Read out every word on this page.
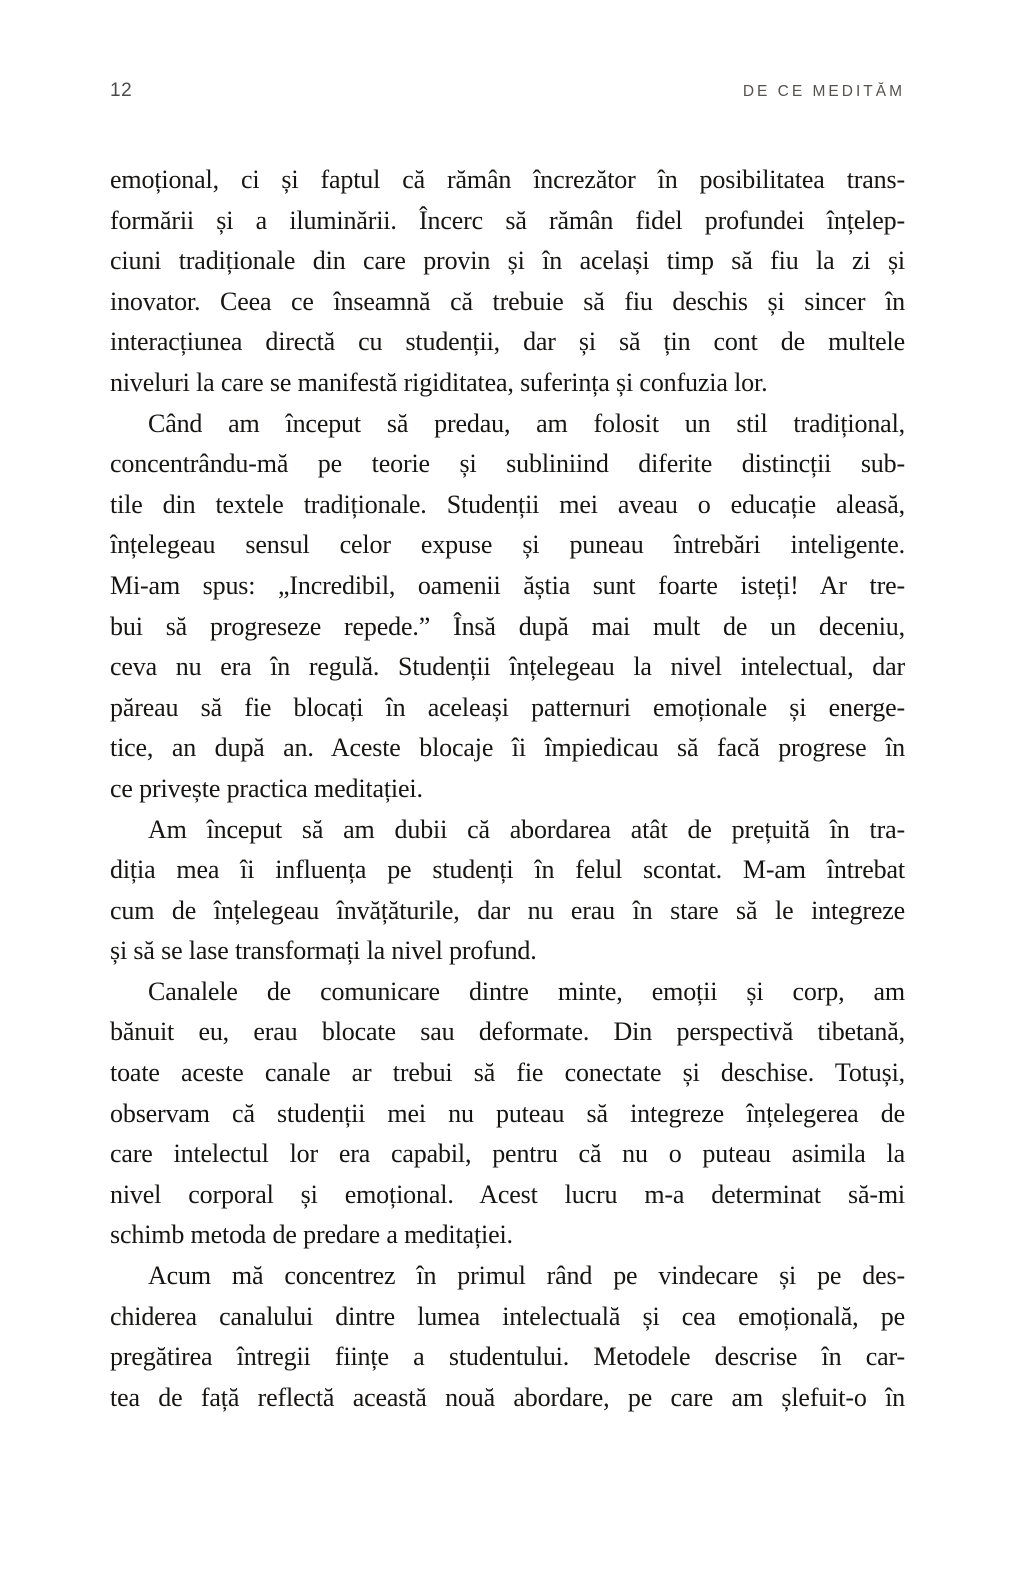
12	DE CE MEDITĂM
emoțional, ci și faptul că rămân încrezător în posibilitatea trans-
formării și a iluminării. Încerc să rămân fidel profundei înțelep-
ciuni tradiționale din care provin și în același timp să fiu la zi și
inovator. Ceea ce înseamnă că trebuie să fiu deschis și sincer în
interacțiunea directă cu studenții, dar și să țin cont de multele
niveluri la care se manifestă rigiditatea, suferința și confuzia lor.
Când am început să predau, am folosit un stil tradițional,
concentrându-mă pe teorie și subliniind diferite distincții sub-
tile din textele tradiționale. Studenții mei aveau o educație aleasă,
înțelegeau sensul celor expuse și puneau întrebări inteligente.
Mi-am spus: „Incredibil, oamenii ăștia sunt foarte isteți! Ar tre-
bui să progreseze repede.” Însă după mai mult de un deceniu,
ceva nu era în regulă. Studenții înțelegeau la nivel intelectual, dar
păreau să fie blocați în aceleași patternuri emoționale și energe-
tice, an după an. Aceste blocaje îi împiedicau să facă progrese în
ce privește practica meditației.
Am început să am dubii că abordarea atât de prețuită în tra-
diția mea îi influența pe studenți în felul scontat. M-am întrebat
cum de înțelegeau învățăturile, dar nu erau în stare să le integreze
și să se lase transformați la nivel profund.
Canalele de comunicare dintre minte, emoții și corp, am
bănuit eu, erau blocate sau deformate. Din perspectivă tibetană,
toate aceste canale ar trebui să fie conectate și deschise. Totuși,
observam că studenții mei nu puteau să integreze înțelegerea de
care intelectul lor era capabil, pentru că nu o puteau asimila la
nivel corporal și emoțional. Acest lucru m-a determinat să-mi
schimb metoda de predare a meditației.
Acum mă concentrez în primul rând pe vindecare și pe des-
chiderea canalului dintre lumea intelectuală și cea emoțională, pe
pregătirea întregii ființe a studentului. Metodele descrise în car-
tea de față reflectă această nouă abordare, pe care am șlefuit-o în
